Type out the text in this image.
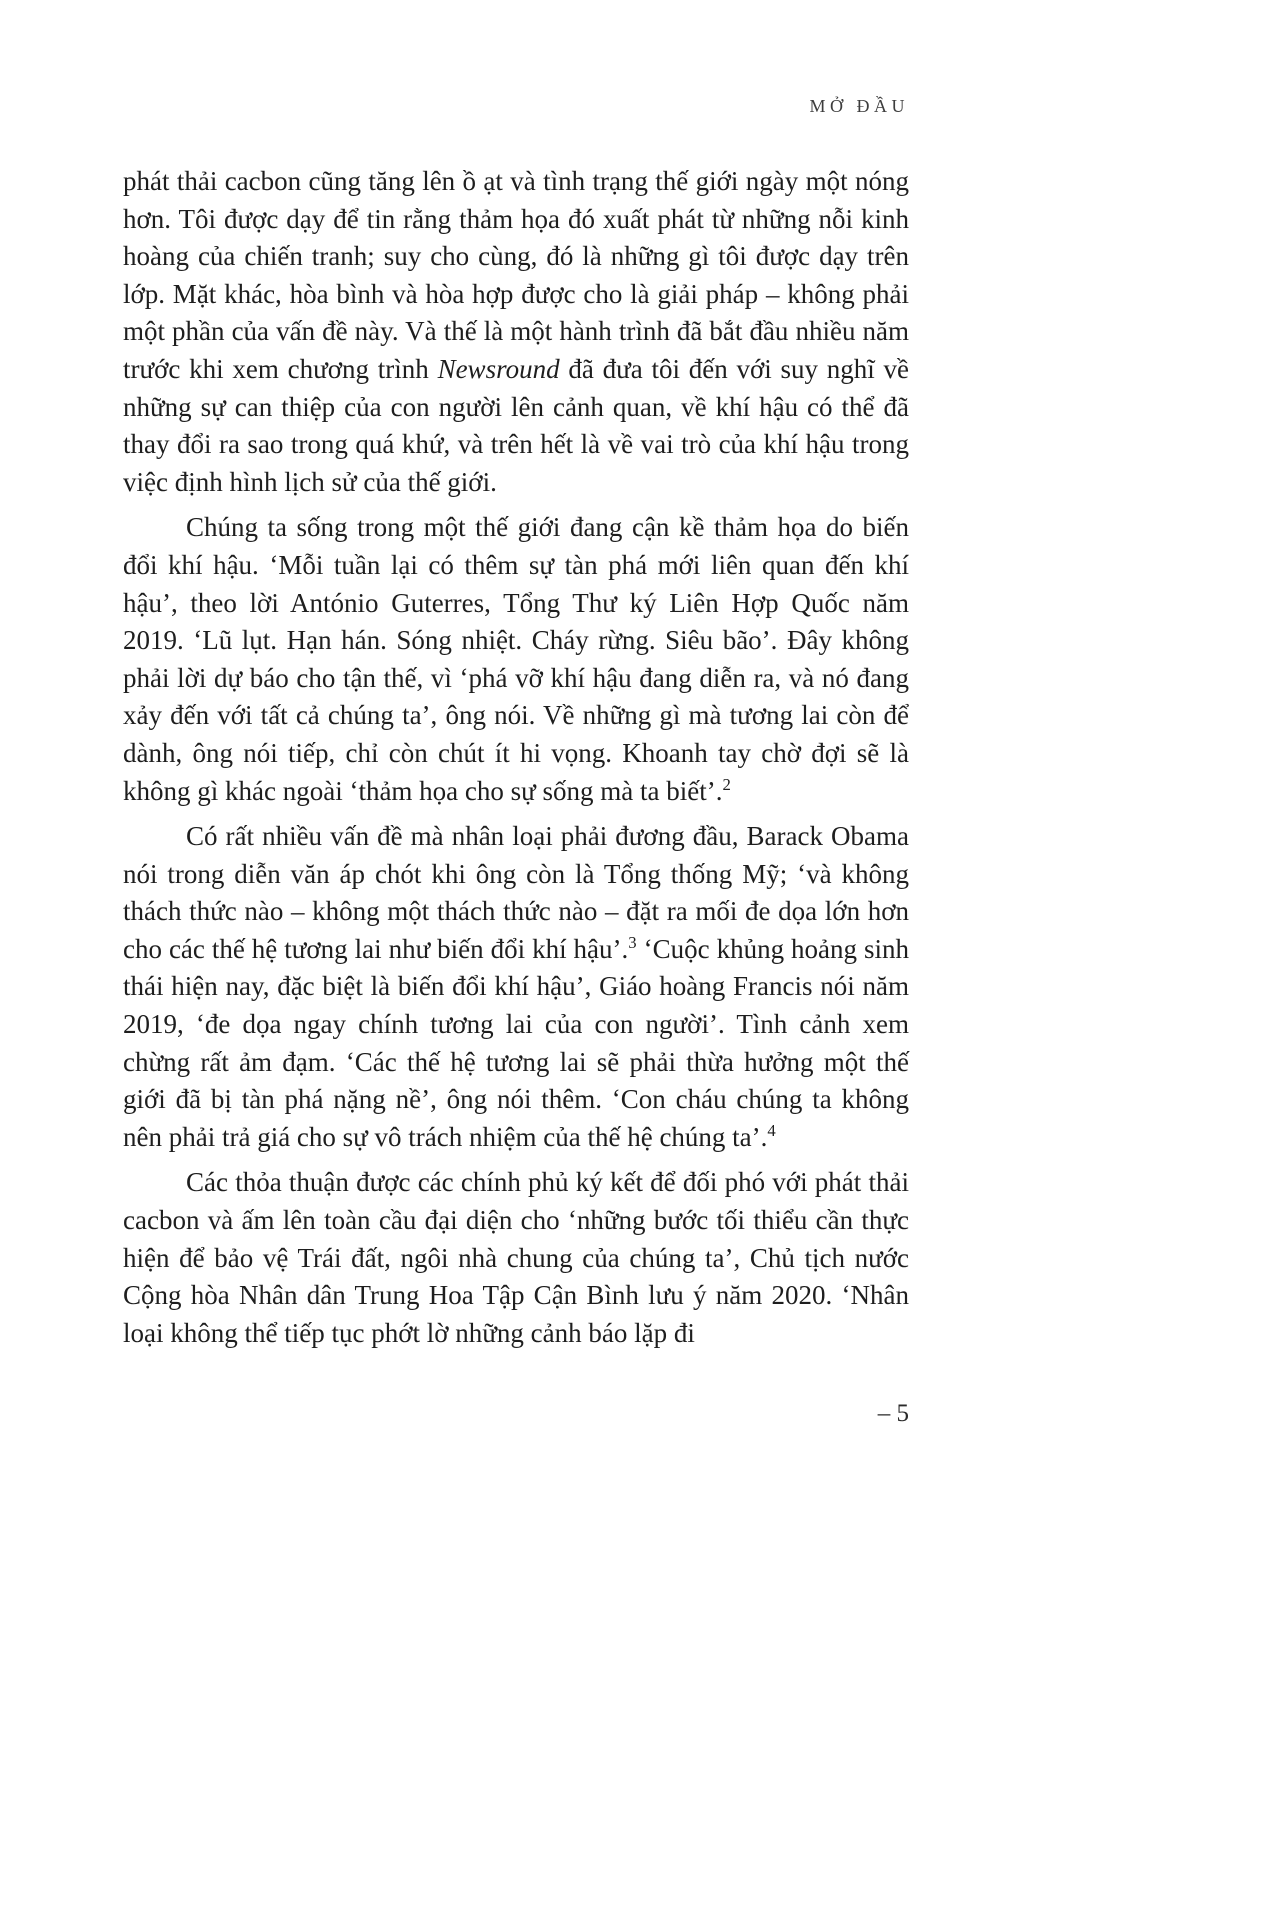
MỞ ĐẦU

phát thải cacbon cũng tăng lên ồ ạt và tình trạng thế giới ngày một nóng hơn. Tôi được dạy để tin rằng thảm họa đó xuất phát từ những nỗi kinh hoàng của chiến tranh; suy cho cùng, đó là những gì tôi được dạy trên lớp. Mặt khác, hòa bình và hòa hợp được cho là giải pháp – không phải một phần của vấn đề này. Và thế là một hành trình đã bắt đầu nhiều năm trước khi xem chương trình Newsround đã đưa tôi đến với suy nghĩ về những sự can thiệp của con người lên cảnh quan, về khí hậu có thể đã thay đổi ra sao trong quá khứ, và trên hết là về vai trò của khí hậu trong việc định hình lịch sử của thế giới.

Chúng ta sống trong một thế giới đang cận kề thảm họa do biến đổi khí hậu. ‘Mỗi tuần lại có thêm sự tàn phá mới liên quan đến khí hậu’, theo lời António Guterres, Tổng Thư ký Liên Hợp Quốc năm 2019. ‘Lũ lụt. Hạn hán. Sóng nhiệt. Cháy rừng. Siêu bão’. Đây không phải lời dự báo cho tận thế, vì ‘phá vỡ khí hậu đang diễn ra, và nó đang xảy đến với tất cả chúng ta’, ông nói. Về những gì mà tương lai còn để dành, ông nói tiếp, chỉ còn chút ít hi vọng. Khoanh tay chờ đợi sẽ là không gì khác ngoài ‘thảm họa cho sự sống mà ta biết’.$^2$

Có rất nhiều vấn đề mà nhân loại phải đương đầu, Barack Obama nói trong diễn văn áp chót khi ông còn là Tổng thống Mỹ; ‘và không thách thức nào – không một thách thức nào – đặt ra mối đe dọa lớn hơn cho các thế hệ tương lai như biến đổi khí hậu’.$^3$ ‘Cuộc khủng hoảng sinh thái hiện nay, đặc biệt là biến đổi khí hậu’, Giáo hoàng Francis nói năm 2019, ‘đe dọa ngay chính tương lai của con người’. Tình cảnh xem chừng rất ảm đạm. ‘Các thế hệ tương lai sẽ phải thừa hưởng một thế giới đã bị tàn phá nặng nề’, ông nói thêm. ‘Con cháu chúng ta không nên phải trả giá cho sự vô trách nhiệm của thế hệ chúng ta’.$^4$

Các thỏa thuận được các chính phủ ký kết để đối phó với phát thải cacbon và ấm lên toàn cầu đại diện cho ‘những bước tối thiểu cần thực hiện để bảo vệ Trái đất, ngôi nhà chung của chúng ta’, Chủ tịch nước Cộng hòa Nhân dân Trung Hoa Tập Cận Bình lưu ý năm 2020. ‘Nhân loại không thể tiếp tục phớt lờ những cảnh báo lặp đi

– 5
